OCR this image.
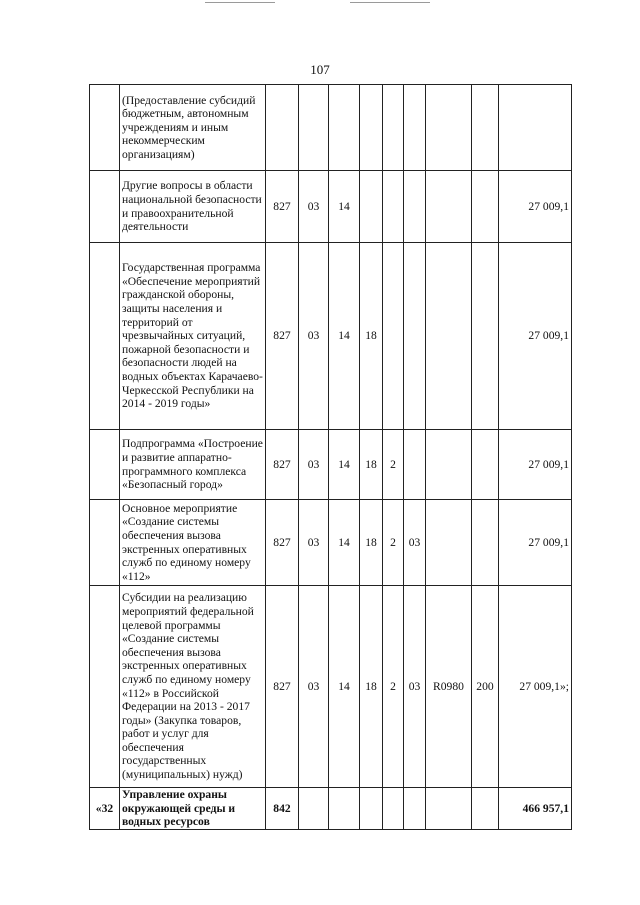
107
	(Предоставление субсидий бюджетным, автономным учреждениям и иным некоммерческим организациям)									
	Другие вопросы в области национальной безопасности и правоохранительной деятельности	827	03	14						27 009,1
	Государственная программа «Обеспечение мероприятий гражданской обороны, защиты населения и территорий от чрезвычайных ситуаций, пожарной безопасности и безопасности людей на водных объектах Карачаево-Черкесской Республики на 2014 - 2019 годы»	827	03	14	18					27 009,1
	Подпрограмма «Построение и развитие аппаратно-программного комплекса «Безопасный город»	827	03	14	18	2				27 009,1
	Основное мероприятие «Создание системы обеспечения вызова экстренных оперативных служб по единому номеру «112»	827	03	14	18	2	03			27 009,1
	Субсидии на реализацию мероприятий федеральной целевой программы «Создание системы обеспечения вызова экстренных оперативных служб по единому номеру «112» в Российской Федерации на 2013 - 2017 годы» (Закупка товаров, работ и услуг для обеспечения государственных (муниципальных) нужд)	827	03	14	18	2	03	R0980	200	27 009,1»;
«32	Управление охраны окружающей среды и водных ресурсов	842								466 957,1
